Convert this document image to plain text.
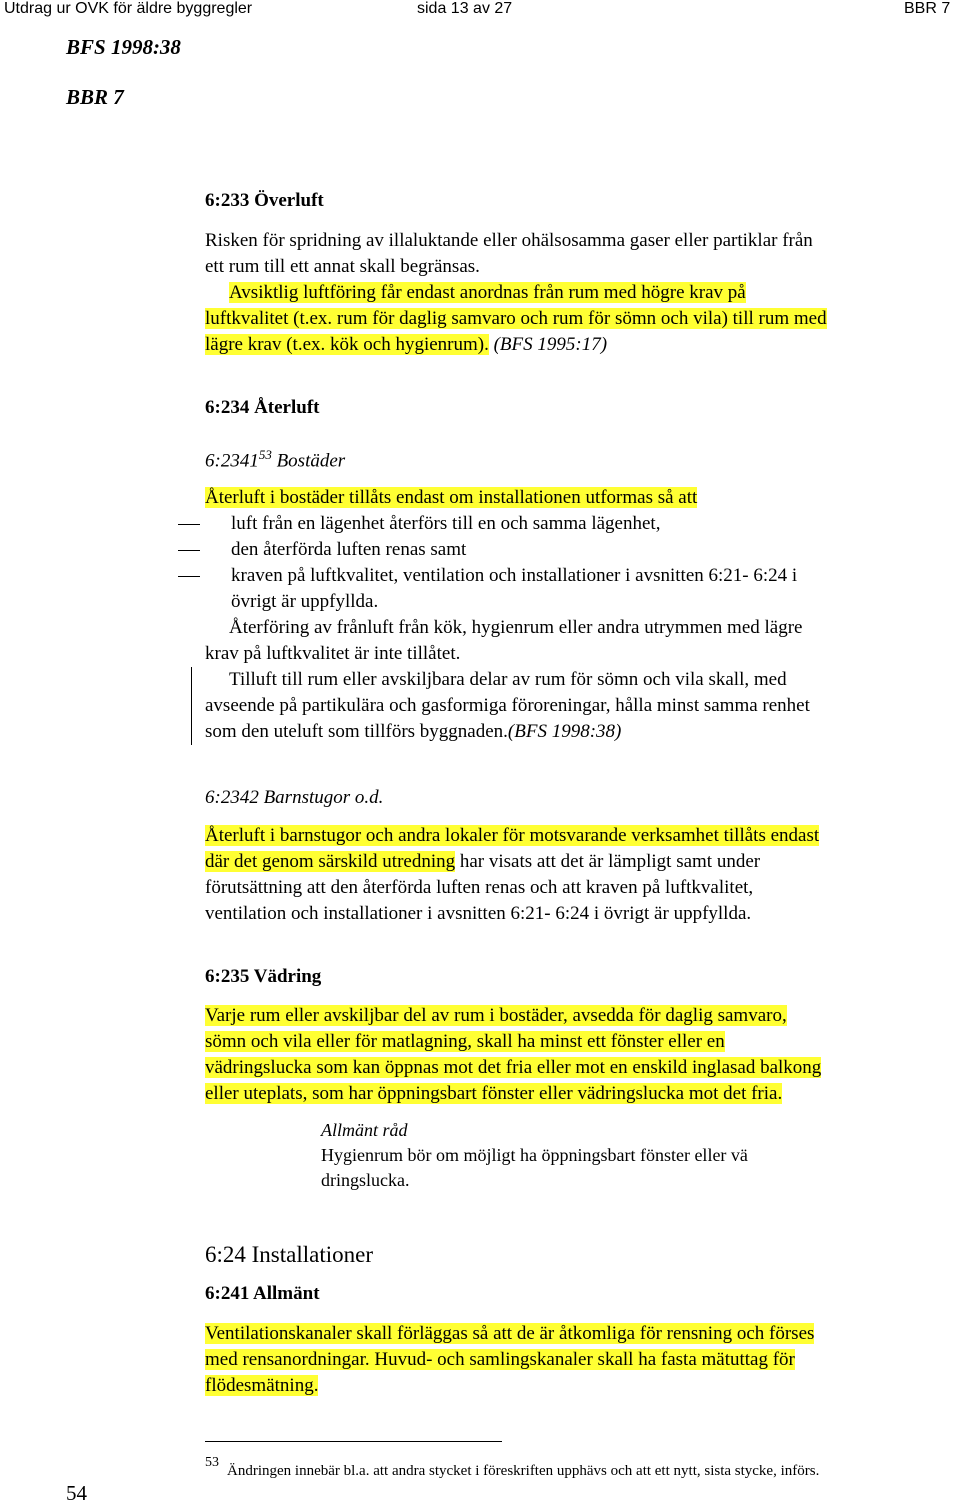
Utdrag ur OVK för äldre byggregler	sida 13 av 27	BBR 7
BFS 1998:38
BBR 7
6:233 Överluft
Risken för spridning av illaluktande eller ohälsosamma gaser eller partiklar från
ett rum till ett annat skall begränsas.
Avsiktlig luftföring får endast anordnas från rum med högre krav på
luftkvalitet (t.ex. rum för daglig samvaro och rum för sömn och vila) till rum med
lägre krav (t.ex. kök och hygienrum). (BFS 1995:17)
6:234 Återluft
6:2341$^{53}$ Bostäder
Återluft i bostäder tillåts endast om installationen utformas så att
luft från en lägenhet återförs till en och samma lägenhet,
den återförda luften renas samt
kraven på luftkvalitet, ventilation och installationer i avsnitten 6:21- 6:24 i
övrigt är uppfyllda.
Återföring av frånluft från kök, hygienrum eller andra utrymmen med lägre
krav på luftkvalitet är inte tillåtet.
Tilluft till rum eller avskiljbara delar av rum för sömn och vila skall, med
avseende på partikulära och gasformiga föroreningar, hålla minst samma renhet
som den uteluft som tillförs byggnaden.(BFS 1998:38)
6:2342 Barnstugor o.d.
Återluft i barnstugor och andra lokaler för motsvarande verksamhet tillåts endast
där det genom särskild utredning har visats att det är lämpligt samt under
förutsättning att den återförda luften renas och att kraven på luftkvalitet,
ventilation och installationer i avsnitten 6:21- 6:24 i övrigt är uppfyllda.
6:235 Vädring
Varje rum eller avskiljbar del av rum i bostäder, avsedda för daglig samvaro,
sömn och vila eller för matlagning, skall ha minst ett fönster eller en
vädringslucka som kan öppnas mot det fria eller mot en enskild inglasad balkong
eller uteplats, som har öppningsbart fönster eller vädringslucka mot det fria.
Allmänt råd
Hygienrum bör om möjligt ha öppningsbart fönster eller vä
dringslucka.
6:24 Installationer
6:241 Allmänt
Ventilationskanaler skall förläggas så att de är åtkomliga för rensning och förses
med rensanordningar. Huvud- och samlingskanaler skall ha fasta mätuttag för
flödesmätning.
53
Ändringen innebär bl.a. att andra stycket i föreskriften upphävs och att ett nytt, sista stycke, införs.
54
